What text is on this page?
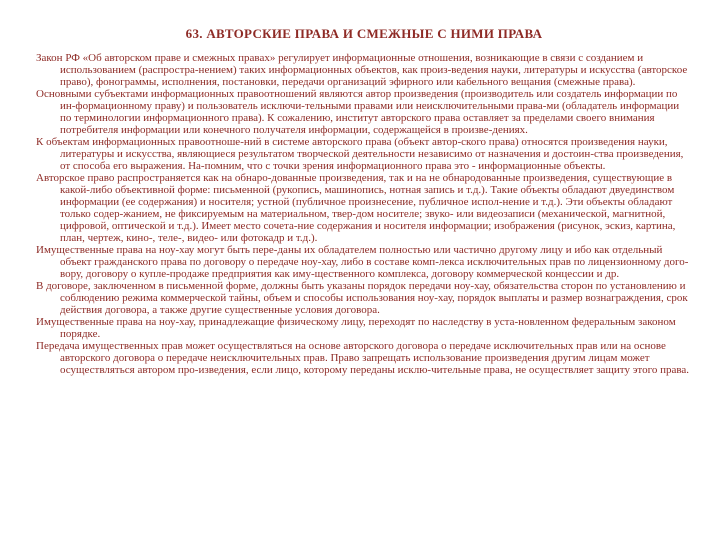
63. АВТОРСКИЕ ПРАВА И СМЕЖНЫЕ С НИМИ ПРАВА

Закон РФ «Об авторском праве и смежных правах» регулирует информационные отношения, возникающие в связи с созданием и использованием (распростра-нением) таких информационных объектов, как произ-ведения науки, литературы и искусства (авторское право), фонограммы, исполнения, постановки, передачи организаций эфирного или кабельного вещания (смежные права).

Основными субъектами информационных правоотношений являются автор произведения (производитель или создатель информации по ин-формационному праву) и пользователь исключи-тельными правами или неисключительными права-ми (обладатель информации по терминологии информационного права). К сожалению, институт авторского права оставляет за пределами своего внимания потребителя информации или конечного получателя информации, содержащейся в произве-дениях.

К объектам информационных правоотноше-ний в системе авторского права (объект автор-ского права) относятся произведения науки, литературы и искусства, являющиеся результатом творческой деятельности независимо от назначения и достоин-ства произведения, от способа его выражения. На-помним, что с точки зрения информационного права это - информационные объекты.

Авторское право распространяется как на обнаро-дованные произведения, так и на не обнародованные произведения, существующие в какой-либо объективной форме: письменной (рукопись, машинопись, нотная запись и т.д.). Такие объекты обладают двуединством информации (ее содержания) и носителя; устной (публичное произнесение, публичное испол-нение и т.д.). Эти объекты обладают только содер-жанием, не фиксируемым на материальном, твер-дом носителе; звуко- или видеозаписи (механической, магнитной, цифровой, оптической и т.д.). Имеет место сочета-ние содержания и носителя информации; изображения (рисунок, эскиз, картина, план, чертеж, кино-, теле-, видео- или фотокадр и т.д.).

Имущественные права на ноу-хау могут быть пере-даны их обладателем полностью или частично другому лицу и ибо как отдельный объект гражданского права по договору о передаче ноу-хау, либо в составе комп-лекса исключительных прав по лицензионному дого-вору, договору о купле-продаже предприятия как иму-щественного комплекса, договору коммерческой концессии и др.

В договоре, заключенном в письменной форме, должны быть указаны порядок передачи ноу-хау, обязательства сторон по установлению и соблюдению режима коммерческой тайны, объем и способы использования ноу-хау, порядок выплаты и размер вознаграждения, срок действия договора, а также другие существенные условия договора.

Имущественные права на ноу-хау, принадлежащие физическому лицу, переходят по наследству в уста-новленном федеральным законом порядке.

Передача имущественных прав может осуществляться на основе авторского договора о передаче исключительных прав или на основе авторского договора о передаче неисключительных прав. Право запрещать использование произведения другим лицам может осуществляться автором про-изведения, если лицо, которому переданы исклю-чительные права, не осуществляет защиту этого права.
